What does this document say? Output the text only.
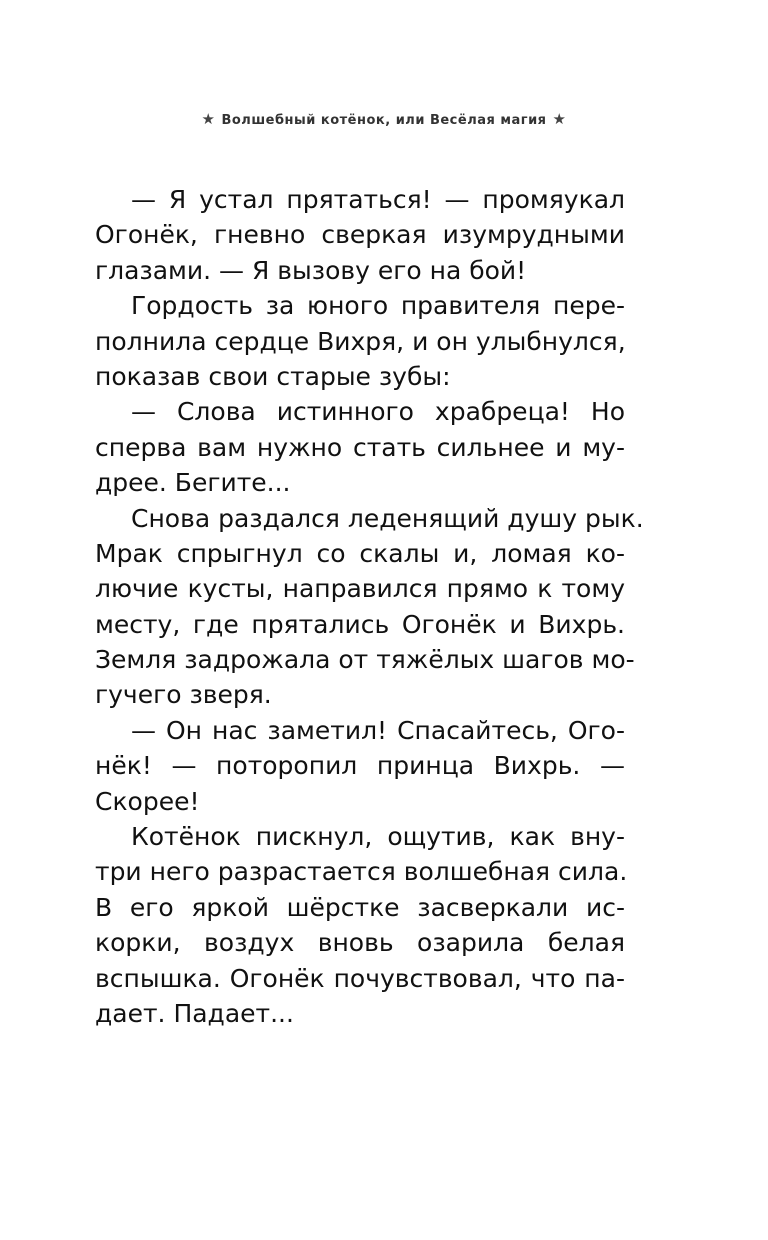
★ Волшебный котёнок, или Весёлая магия ★
— Я устал прятаться! — промяукал
Огонёк, гневно сверкая изумрудными
глазами. — Я вызову его на бой!
Гордость за юного правителя пере-
полнила сердце Вихря, и он улыбнулся,
показав свои старые зубы:
— Слова истинного храбреца! Но
сперва вам нужно стать сильнее и му-
дрее. Бегите...
Снова раздался леденящий душу рык.
Мрак спрыгнул со скалы и, ломая ко-
лючие кусты, направился прямо к тому
месту, где прятались Огонёк и Вихрь.
Земля задрожала от тяжёлых шагов мо-
гучего зверя.
— Он нас заметил! Спасайтесь, Ого-
нёк! — поторопил принца Вихрь. —
Скорее!
Котёнок пискнул, ощутив, как вну-
три него разрастается волшебная сила.
В его яркой шёрстке засверкали ис-
корки, воздух вновь озарила белая
вспышка. Огонёк почувствовал, что па-
дает. Падает...
